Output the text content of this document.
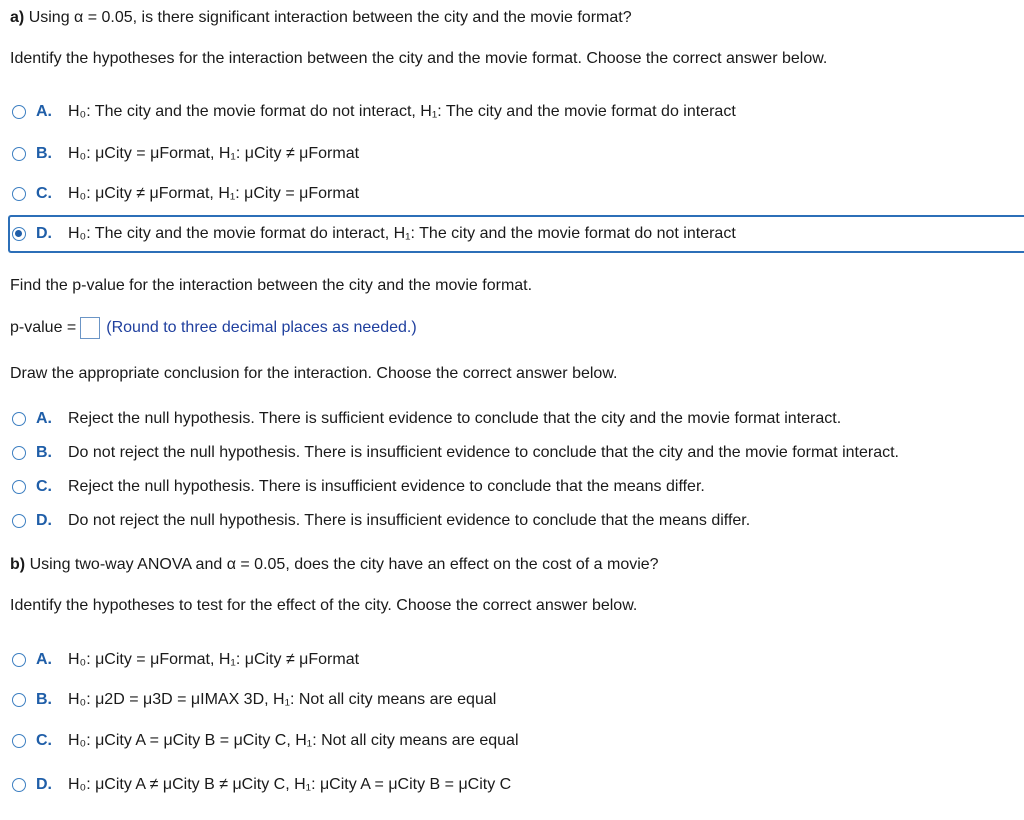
a) Using α = 0.05, is there significant interaction between the city and the movie format?
Identify the hypotheses for the interaction between the city and the movie format. Choose the correct answer below.
A.	H₀: The city and the movie format do not interact, H₁: The city and the movie format do interact
B.	H₀: μCity = μFormat, H₁: μCity ≠ μFormat
C.	H₀: μCity ≠ μFormat, H₁: μCity = μFormat
D.	H₀: The city and the movie format do interact, H₁: The city and the movie format do not interact
Find the p-value for the interaction between the city and the movie format.
p-value = (Round to three decimal places as needed.)
Draw the appropriate conclusion for the interaction. Choose the correct answer below.
A.	Reject the null hypothesis. There is sufficient evidence to conclude that the city and the movie format interact.
B.	Do not reject the null hypothesis. There is insufficient evidence to conclude that the city and the movie format interact.
C.	Reject the null hypothesis. There is insufficient evidence to conclude that the means differ.
D.	Do not reject the null hypothesis. There is insufficient evidence to conclude that the means differ.
b) Using two-way ANOVA and α = 0.05, does the city have an effect on the cost of a movie?
Identify the hypotheses to test for the effect of the city. Choose the correct answer below.
A.	H₀: μCity = μFormat, H₁: μCity ≠ μFormat
B.	H₀: μ2D = μ3D = μIMAX 3D, H₁: Not all city means are equal
C.	H₀: μCity A = μCity B = μCity C, H₁: Not all city means are equal
D.	H₀: μCity A ≠ μCity B ≠ μCity C, H₁: μCity A = μCity B = μCity C
